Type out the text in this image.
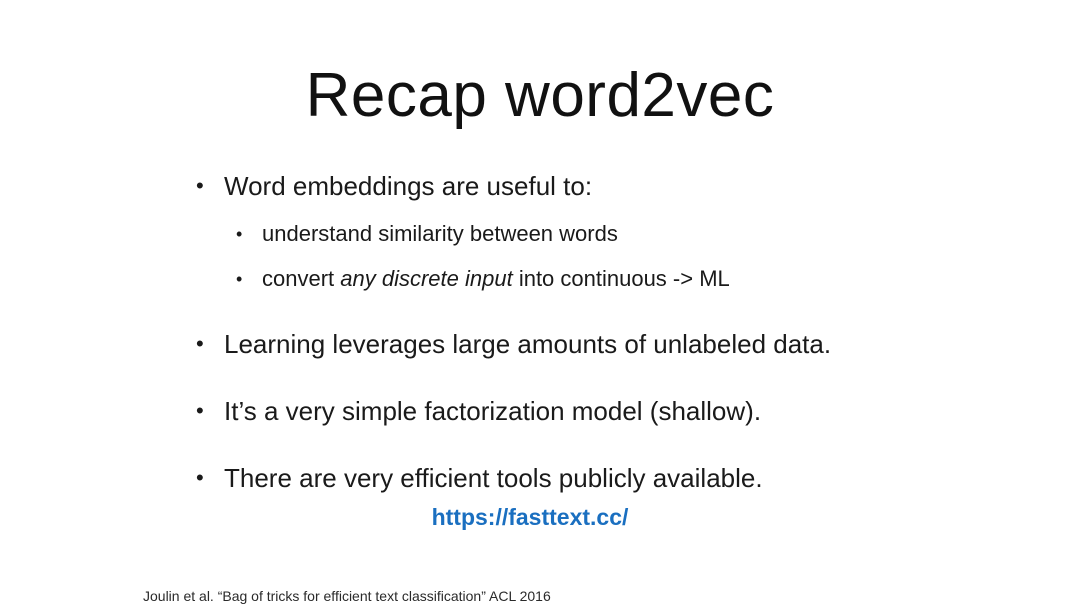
Recap word2vec
• Word embeddings are useful to:
• understand similarity between words
• convert any discrete input into continuous -> ML
• Learning leverages large amounts of unlabeled data.
• It’s a very simple factorization model (shallow).
• There are very efficient tools publicly available.
https://fasttext.cc/
Joulin et al. “Bag of tricks for efficient text classification” ACL 2016
